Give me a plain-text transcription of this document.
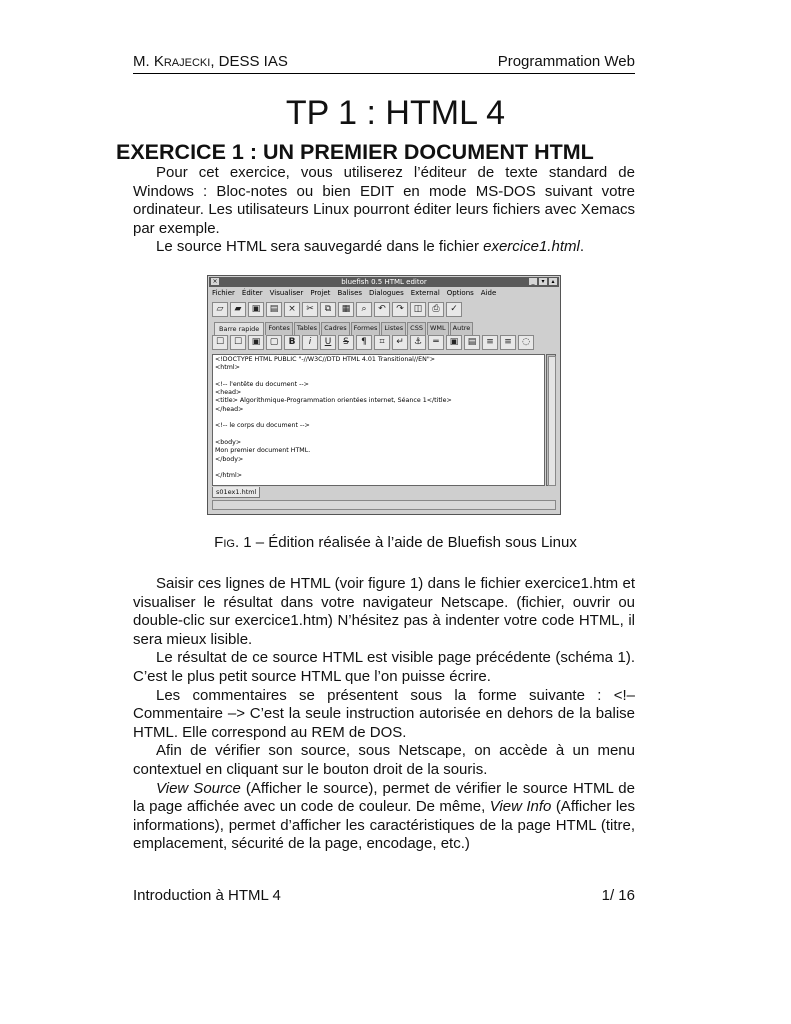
M. Krajecki, DESS IAS	Programmation Web
TP 1 : HTML 4
EXERCICE 1 : UN PREMIER DOCUMENT HTML

Pour cet exercice, vous utiliserez l’éditeur de texte standard de Windows : Bloc-notes ou bien EDIT en mode MS-DOS suivant votre ordinateur. Les utilisateurs Linux pourront éditer leurs fichiers avec Xemacs par exemple.

Le source HTML sera sauvegardé dans le fichier exercice1.html.

×	bluefish 0.5 HTML editor	_	▾	▴
Fichier Éditer Visualiser Projet Balises Dialogues External Options Aide
▱	▰	▣	▤	×	✂	⧉	▦	⌕	↶	↷	◫	⎙	✓
Barre rapide	Fontes	Tables	Cadres	Formes	Listes	CSS	WML	Autre
☐	☐	▣	▢	B	i	U	S	¶	⌗	↵	⚓	═	▣	▤	≡	≡	◌
<!DOCTYPE HTML PUBLIC "-//W3C//DTD HTML 4.01 Transitional//EN">
<html>

<!-- l'entête du document -->
<head>
<title> Algorithmique-Programmation orientées internet, Séance 1</title>
</head>

<!-- le corps du document -->

<body>
Mon premier document HTML.
</body>

</html>
s01ex1.html
Fig. 1 – Édition réalisée à l’aide de Bluefish sous Linux

Saisir ces lignes de HTML (voir figure 1) dans le fichier exercice1.htm et visualiser le résultat dans votre navigateur Netscape. (fichier, ouvrir ou double-clic sur exercice1.htm) N’hésitez pas à indenter votre code HTML, il sera mieux lisible.

Le résultat de ce source HTML est visible page précédente (schéma 1). C’est le plus petit source HTML que l’on puisse écrire.

Les commentaires se présentent sous la forme suivante : <!– Commentaire –> C’est la seule instruction autorisée en dehors de la balise HTML. Elle correspond au REM de DOS.

Afin de vérifier son source, sous Netscape, on accède à un menu contextuel en cliquant sur le bouton droit de la souris.

View Source (Afficher le source), permet de vérifier le source HTML de la page affichée avec un code de couleur. De même, View Info (Afficher les informations), permet d’afficher les caractéristiques de la page HTML (titre, emplacement, sécurité de la page, encodage, etc.)

Introduction à HTML 4	1/ 16
